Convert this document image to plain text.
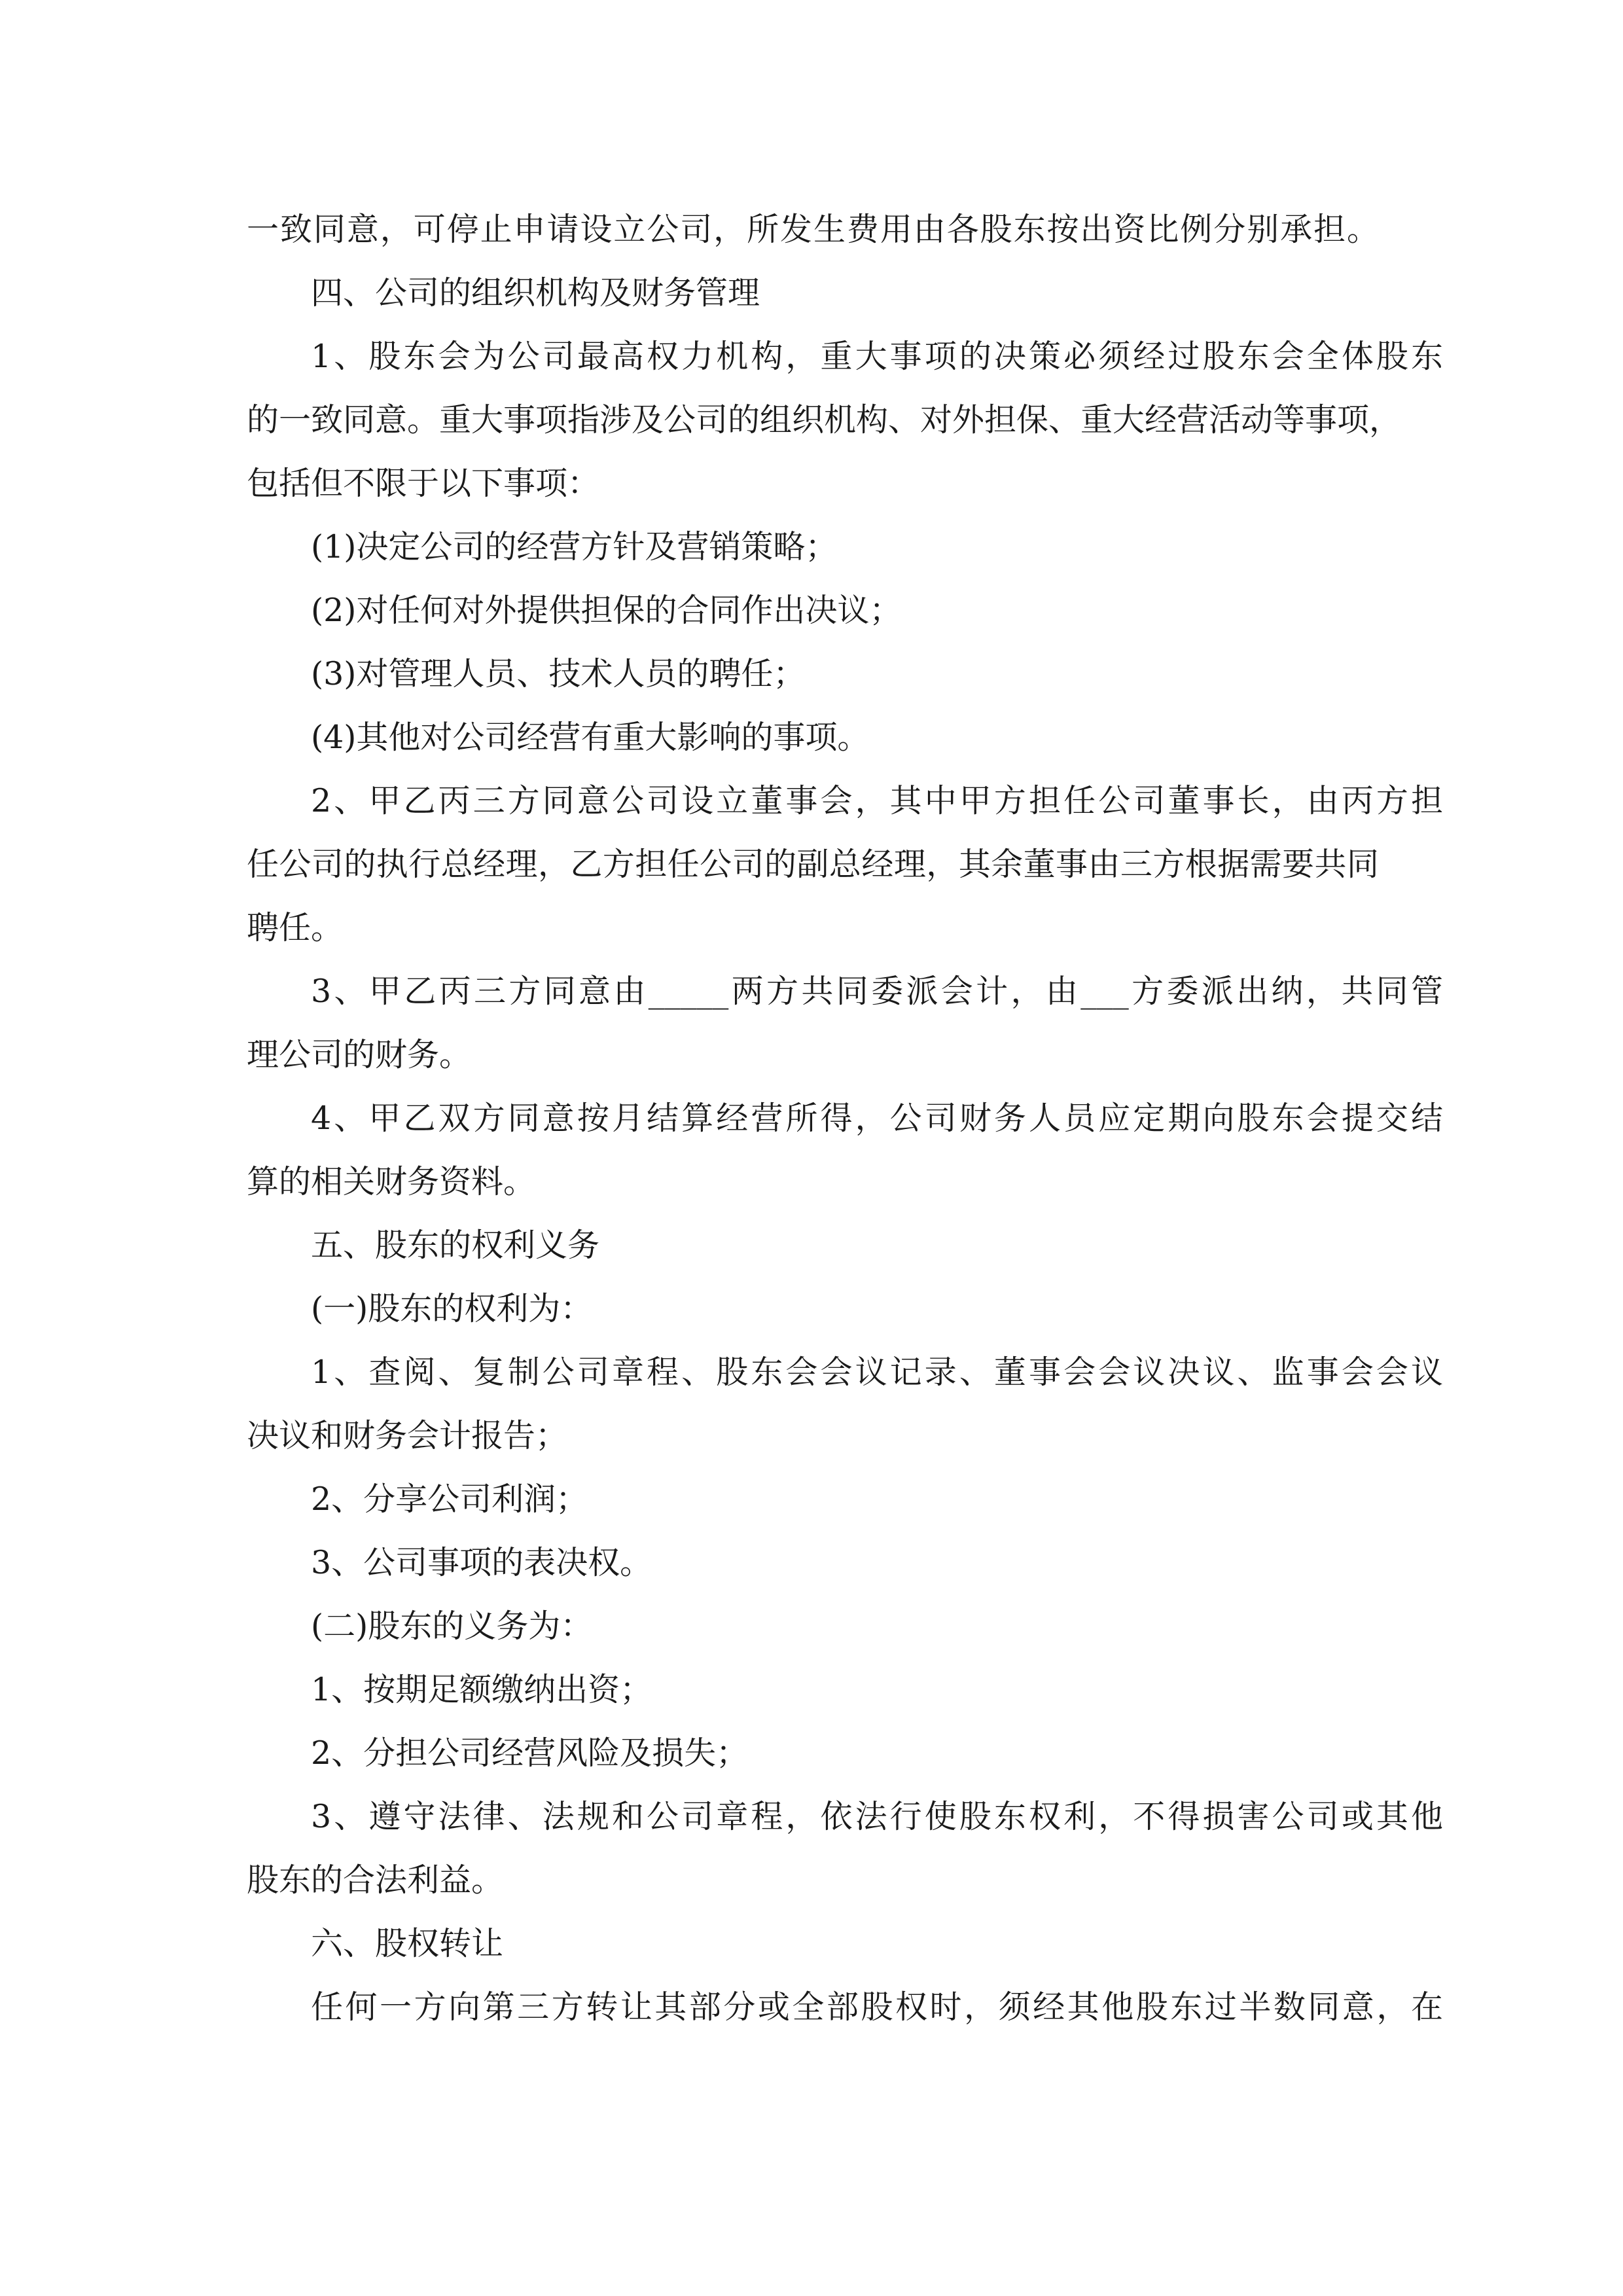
一致同意，可停止申请设立公司，所发生费用由各股东按出资比例分别承担。

四、公司的组织机构及财务管理

1、股东会为公司最高权力机构，重大事项的决策必须经过股东会全体股东

的一致同意。重大事项指涉及公司的组织机构、对外担保、重大经营活动等事项，

包括但不限于以下事项：

(1)决定公司的经营方针及营销策略；

(2)对任何对外提供担保的合同作出决议；

(3)对管理人员、技术人员的聘任；

(4)其他对公司经营有重大影响的事项。

2、甲乙丙三方同意公司设立董事会，其中甲方担任公司董事长，由丙方担

任公司的执行总经理，乙方担任公司的副总经理，其余董事由三方根据需要共同

聘任。

3、甲乙丙三方同意由_____两方共同委派会计，由___方委派出纳，共同管

理公司的财务。

4、甲乙双方同意按月结算经营所得，公司财务人员应定期向股东会提交结

算的相关财务资料。

五、股东的权利义务

(一)股东的权利为：

1、查阅、复制公司章程、股东会会议记录、董事会会议决议、监事会会议

决议和财务会计报告；

2、分享公司利润；

3、公司事项的表决权。

(二)股东的义务为：

1、按期足额缴纳出资；

2、分担公司经营风险及损失；

3、遵守法律、法规和公司章程，依法行使股东权利，不得损害公司或其他

股东的合法利益。

六、股权转让

任何一方向第三方转让其部分或全部股权时，须经其他股东过半数同意，在
